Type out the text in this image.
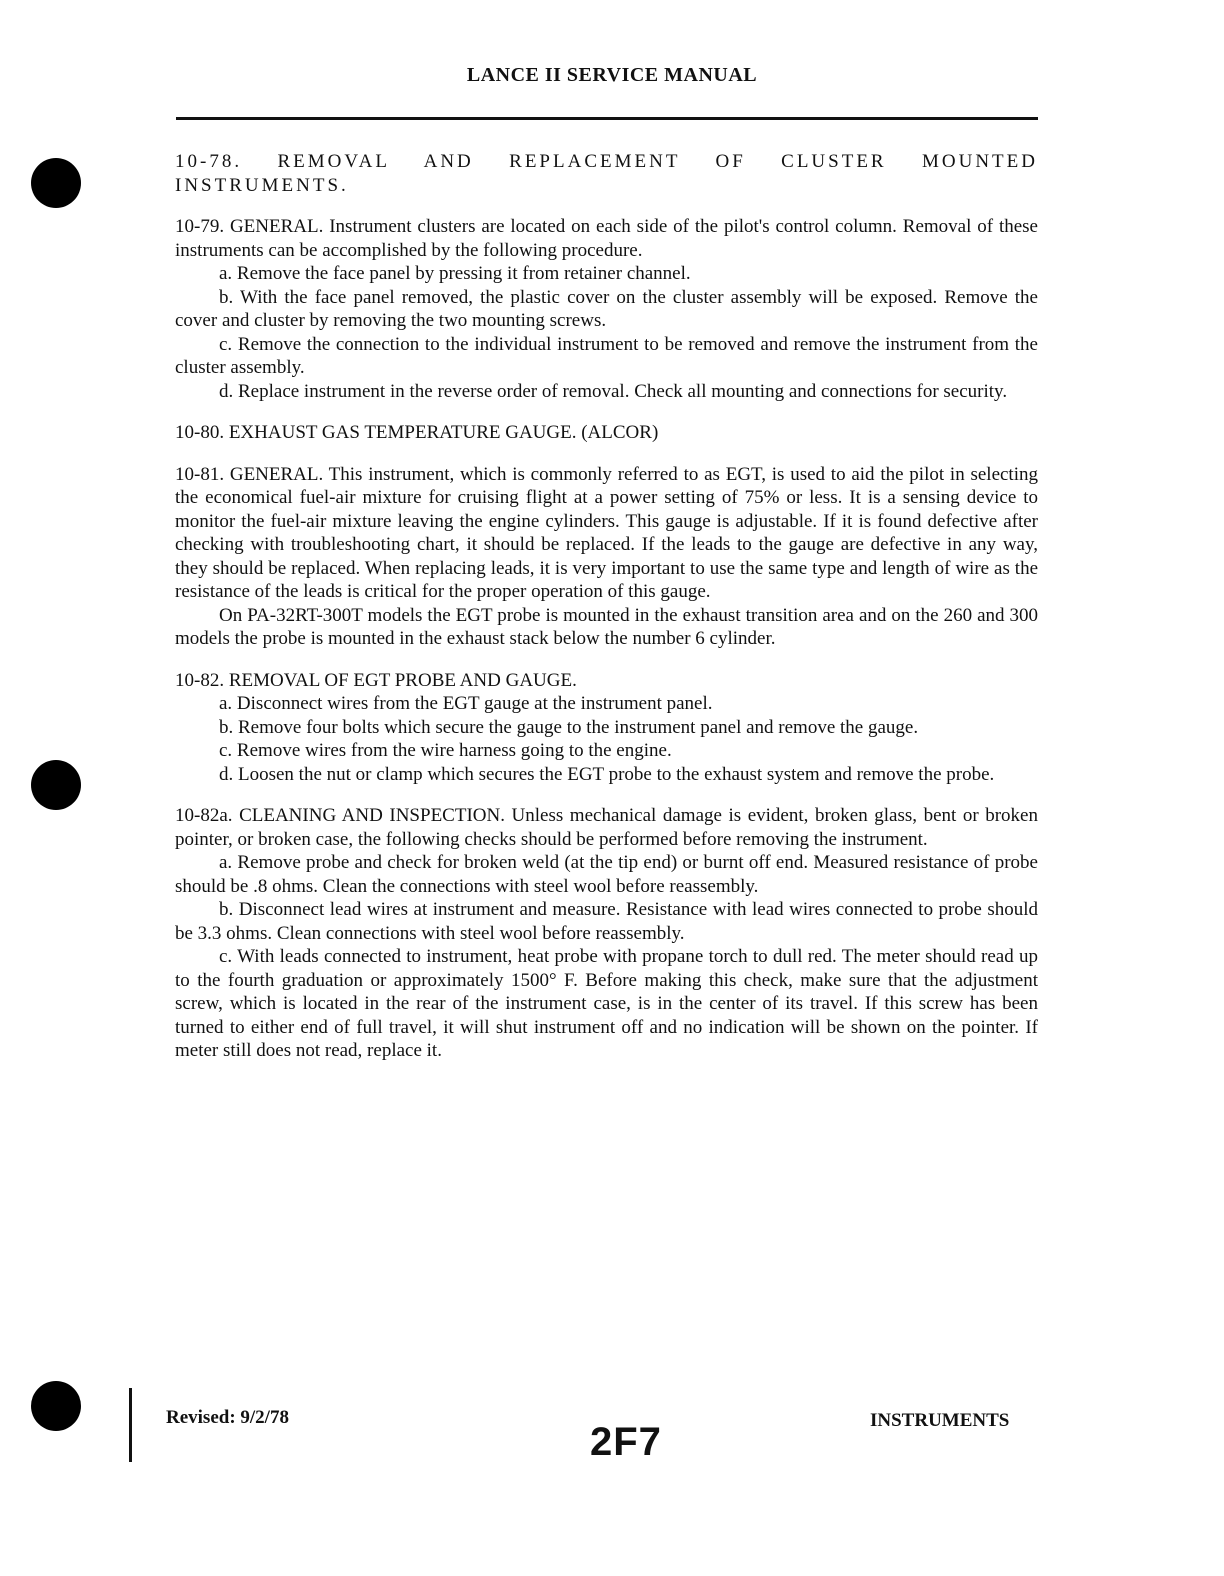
LANCE II SERVICE MANUAL

10-78. REMOVAL AND REPLACEMENT OF CLUSTER MOUNTED INSTRUMENTS.

10-79. GENERAL. Instrument clusters are located on each side of the pilot's control column. Removal of these instruments can be accomplished by the following procedure.

a. Remove the face panel by pressing it from retainer channel.

b. With the face panel removed, the plastic cover on the cluster assembly will be exposed. Remove the cover and cluster by removing the two mounting screws.

c. Remove the connection to the individual instrument to be removed and remove the instrument from the cluster assembly.

d. Replace instrument in the reverse order of removal. Check all mounting and connections for security.

10-80. EXHAUST GAS TEMPERATURE GAUGE. (ALCOR)

10-81. GENERAL. This instrument, which is commonly referred to as EGT, is used to aid the pilot in selecting the economical fuel-air mixture for cruising flight at a power setting of 75% or less. It is a sensing device to monitor the fuel-air mixture leaving the engine cylinders. This gauge is adjustable. If it is found defective after checking with troubleshooting chart, it should be replaced. If the leads to the gauge are defective in any way, they should be replaced. When replacing leads, it is very important to use the same type and length of wire as the resistance of the leads is critical for the proper operation of this gauge.

On PA-32RT-300T models the EGT probe is mounted in the exhaust transition area and on the 260 and 300 models the probe is mounted in the exhaust stack below the number 6 cylinder.

10-82. REMOVAL OF EGT PROBE AND GAUGE.

a. Disconnect wires from the EGT gauge at the instrument panel.

b. Remove four bolts which secure the gauge to the instrument panel and remove the gauge.

c. Remove wires from the wire harness going to the engine.

d. Loosen the nut or clamp which secures the EGT probe to the exhaust system and remove the probe.

10-82a. CLEANING AND INSPECTION. Unless mechanical damage is evident, broken glass, bent or broken pointer, or broken case, the following checks should be performed before removing the instrument.

a. Remove probe and check for broken weld (at the tip end) or burnt off end. Measured resistance of probe should be .8 ohms. Clean the connections with steel wool before reassembly.

b. Disconnect lead wires at instrument and measure. Resistance with lead wires connected to probe should be 3.3 ohms. Clean connections with steel wool before reassembly.

c. With leads connected to instrument, heat probe with propane torch to dull red. The meter should read up to the fourth graduation or approximately 1500° F. Before making this check, make sure that the adjustment screw, which is located in the rear of the instrument case, is in the center of its travel. If this screw has been turned to either end of full travel, it will shut instrument off and no indication will be shown on the pointer. If meter still does not read, replace it.

Revised: 9/2/78
2F7	INSTRUMENTS
